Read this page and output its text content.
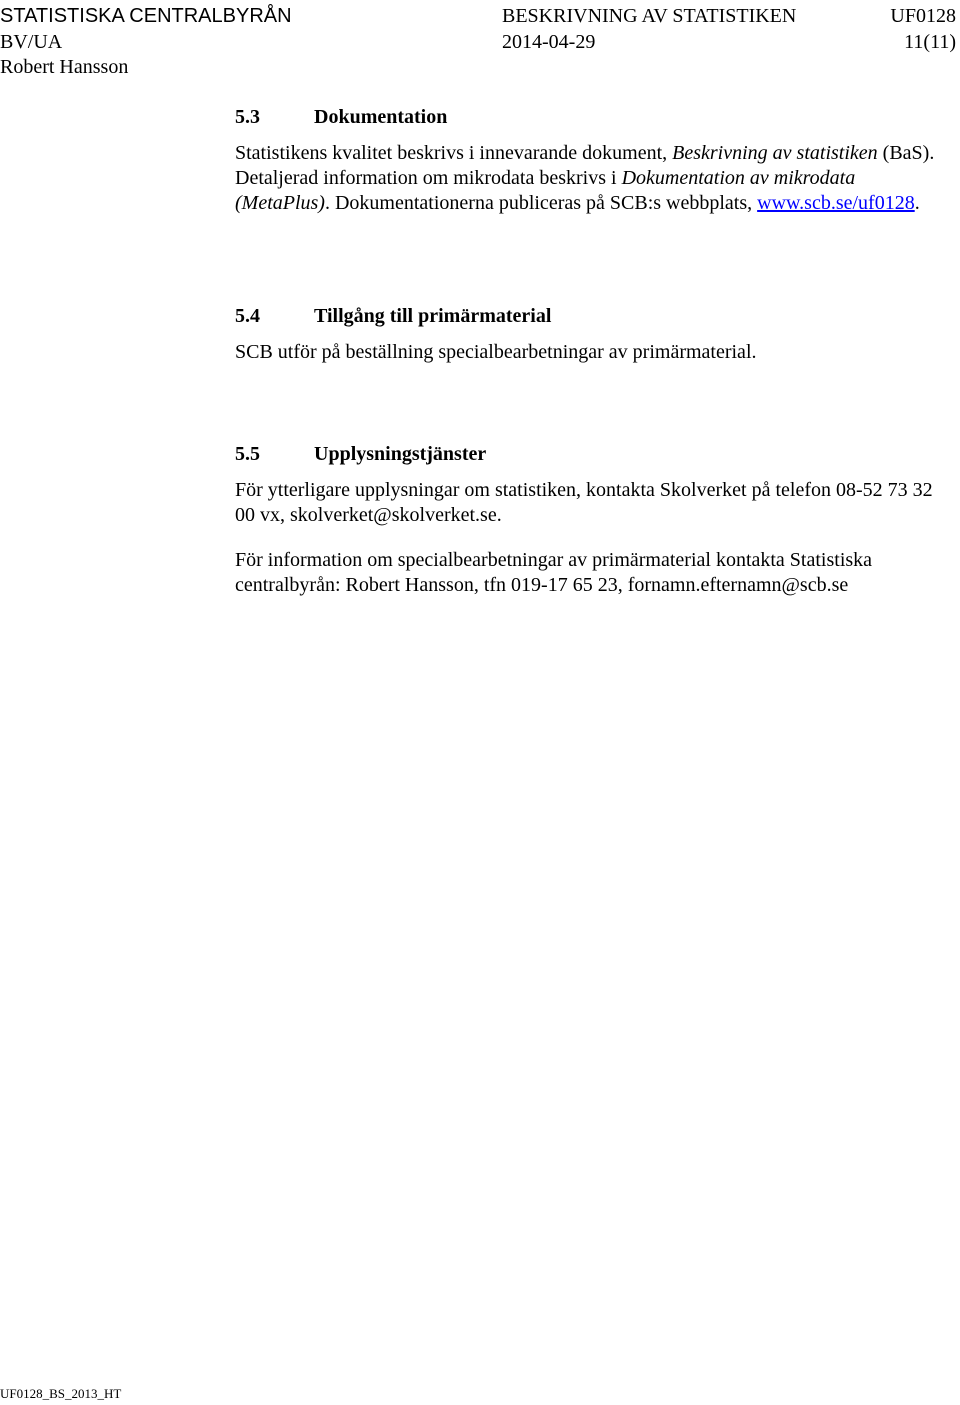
STATISTISKA CENTRALBYRÅN	BESKRIVNING AV STATISTIKEN	UF0128
BV/UA	2014-04-29	11(11)
Robert Hansson
5.3	Dokumentation
Statistikens kvalitet beskrivs i innevarande dokument, Beskrivning av statistiken (BaS). Detaljerad information om mikrodata beskrivs i Dokumentation av mikrodata (MetaPlus). Dokumentationerna publiceras på SCB:s webbplats, www.scb.se/uf0128.
5.4	Tillgång till primärmaterial
SCB utför på beställning specialbearbetningar av primärmaterial.
5.5	Upplysningstjänster
För ytterligare upplysningar om statistiken, kontakta Skolverket på telefon 08-52 73 32 00 vx, skolverket@skolverket.se.
För information om specialbearbetningar av primärmaterial kontakta Statistiska centralbyrån: Robert Hansson, tfn 019-17 65 23, fornamn.efternamn@scb.se
UF0128_BS_2013_HT
